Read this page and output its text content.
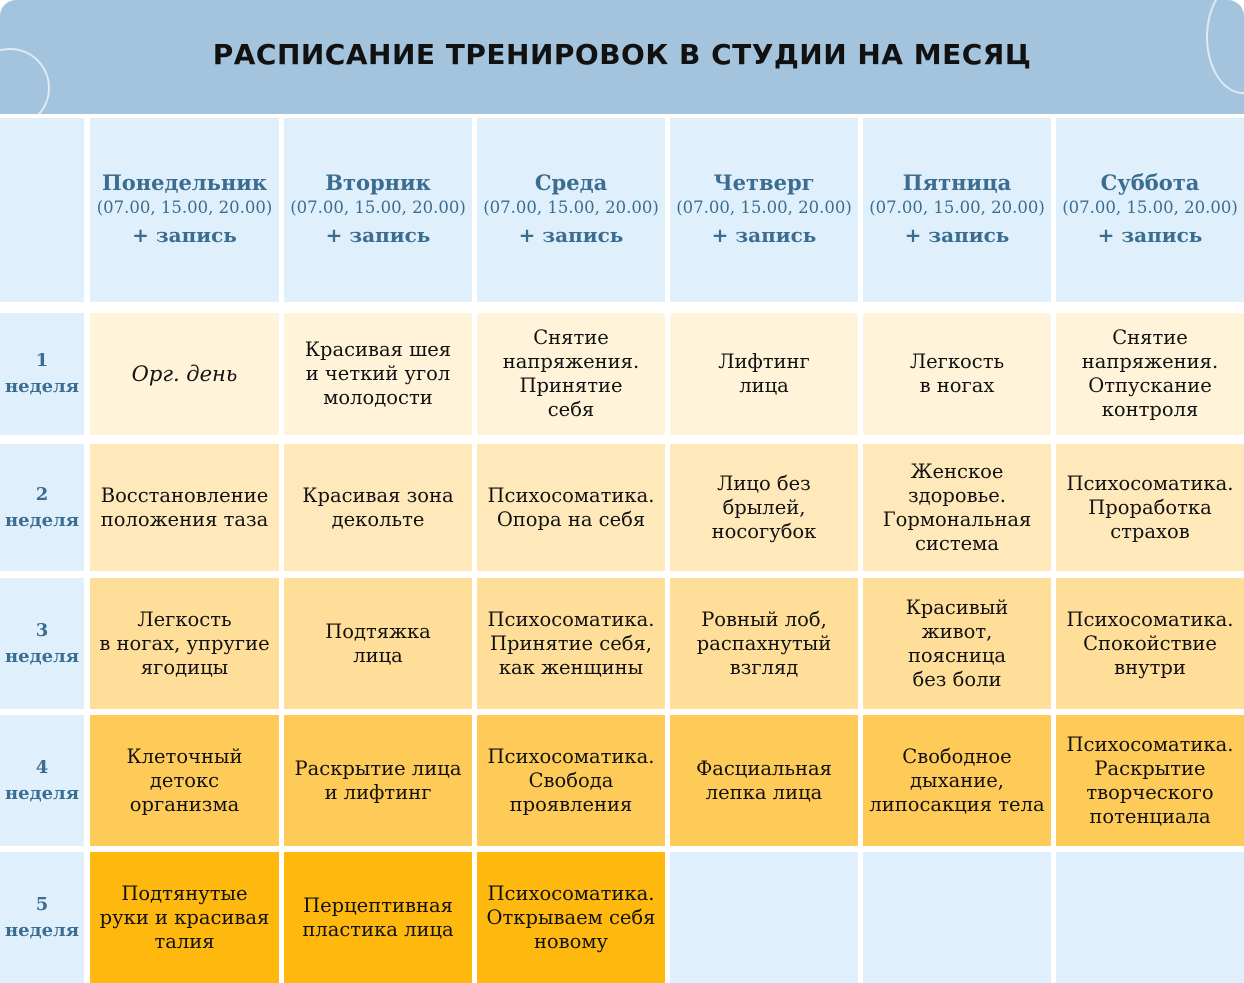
РАСПИСАНИЕ ТРЕНИРОВОК В СТУДИИ НА МЕСЯЦ
Понедельник
(07.00, 15.00, 20.00)
+ запись
Вторник
(07.00, 15.00, 20.00)
+ запись
Среда
(07.00, 15.00, 20.00)
+ запись
Четверг
(07.00, 15.00, 20.00)
+ запись
Пятница
(07.00, 15.00, 20.00)
+ запись
Суббота
(07.00, 15.00, 20.00)
+ запись
1
неделя
Орг. день
Красивая шея
и четкий угол
молодости
Снятие
напряжения.
Принятие
себя
Лифтинг
лица
Легкость
в ногах
Снятие
напряжения.
Отпускание
контроля
2
неделя
Восстановление
положения таза
Красивая зона
декольте
Психосоматика.
Опора на себя
Лицо без
брылей,
носогубок
Женское
здоровье.
Гормональная
система
Психосоматика.
Проработка
страхов
3
неделя
Легкость
в ногах, упругие
ягодицы
Подтяжка
лица
Психосоматика.
Принятие себя,
как женщины
Ровный лоб,
распахнутый
взгляд
Красивый
живот,
поясница
без боли
Психосоматика.
Спокойствие
внутри
4
неделя
Клеточный
детокс
организма
Раскрытие лица
и лифтинг
Психосоматика.
Свобода
проявления
Фасциальная
лепка лица
Свободное
дыхание,
липосакция тела
Психосоматика.
Раскрытие
творческого
потенциала
5
неделя
Подтянутые
руки и красивая
талия
Перцептивная
пластика лица
Психосоматика.
Открываем себя
новому
